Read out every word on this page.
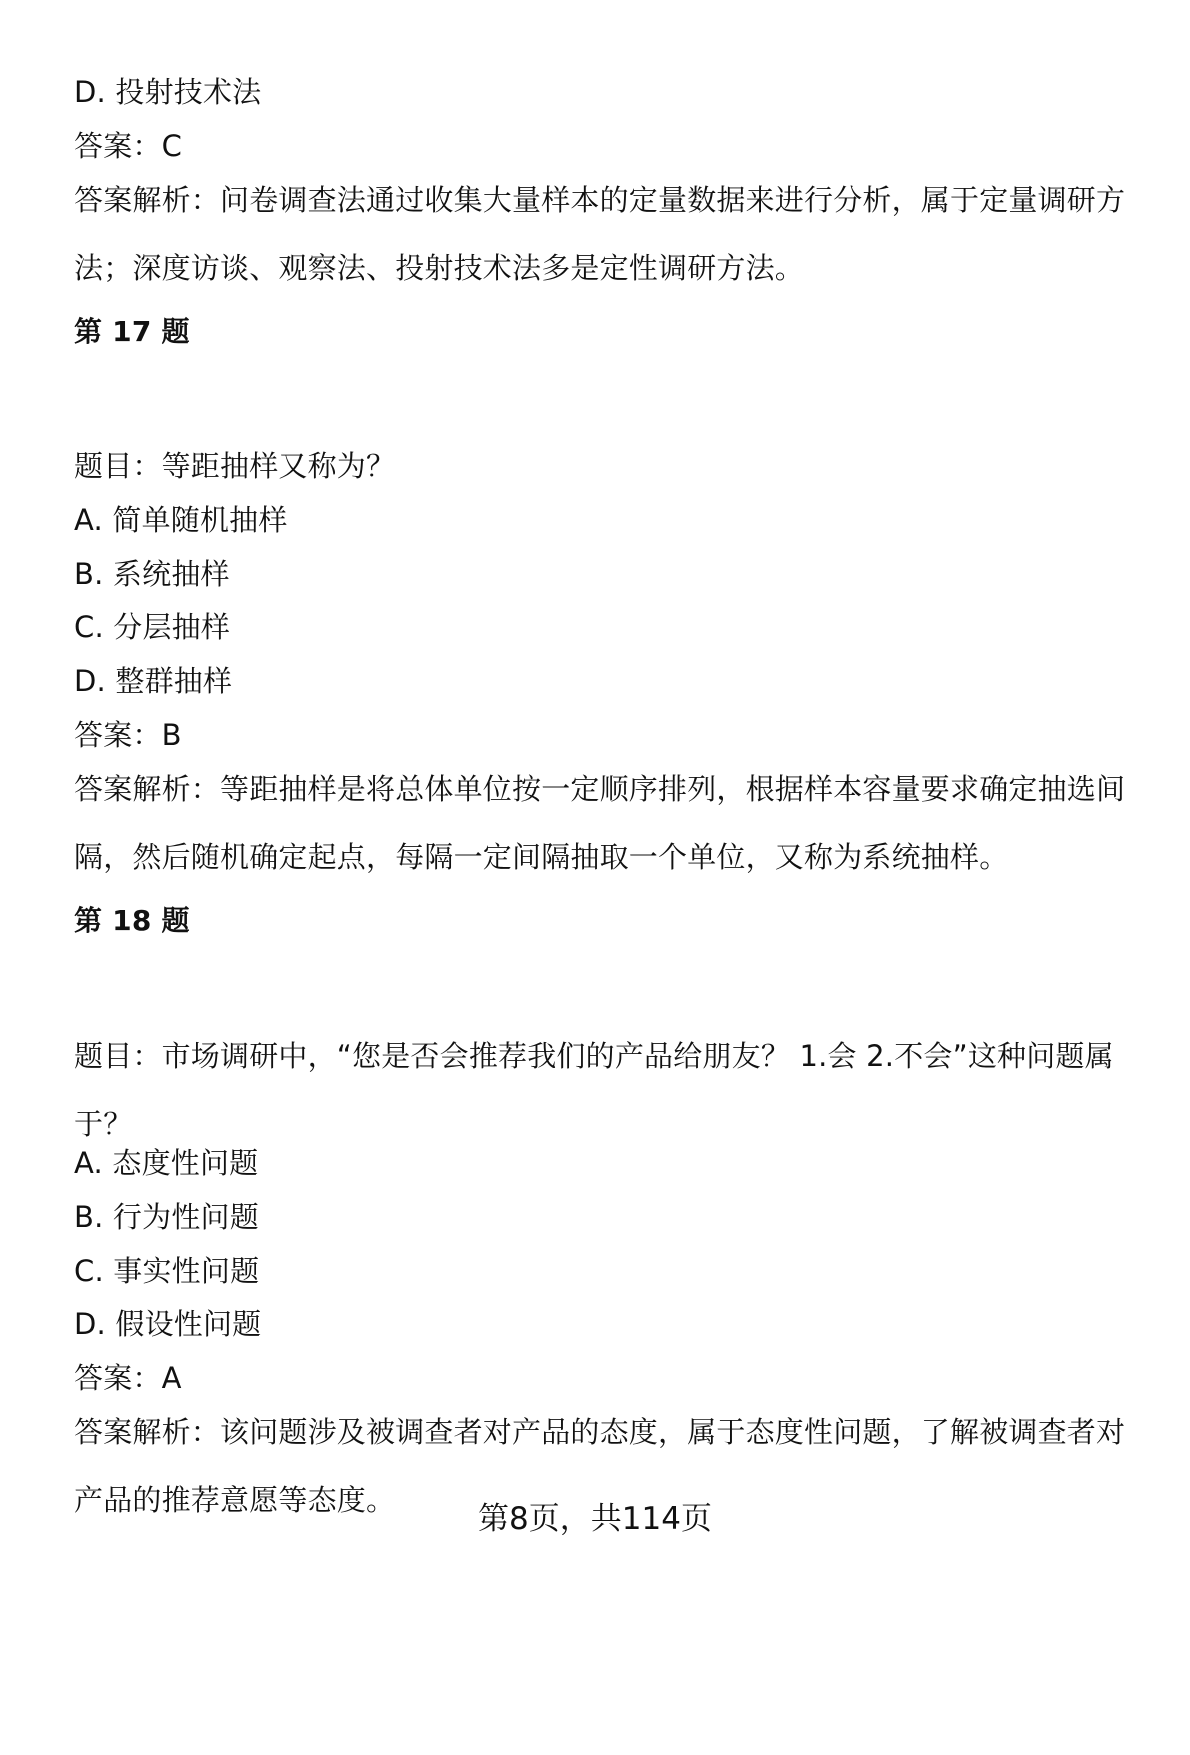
D. 投射技术法
答案：C
答案解析：问卷调查法通过收集大量样本的定量数据来进行分析，属于定量调研方法；深度访谈、观察法、投射技术法多是定性调研方法。
第 17 题
题目：等距抽样又称为？
A. 简单随机抽样
B. 系统抽样
C. 分层抽样
D. 整群抽样
答案：B
答案解析：等距抽样是将总体单位按一定顺序排列，根据样本容量要求确定抽选间隔，然后随机确定起点，每隔一定间隔抽取一个单位，又称为系统抽样。
第 18 题
题目：市场调研中，“您是否会推荐我们的产品给朋友？ 1.会 2.不会”这种问题属于？
A. 态度性问题
B. 行为性问题
C. 事实性问题
D. 假设性问题
答案：A
答案解析：该问题涉及被调查者对产品的态度，属于态度性问题，了解被调查者对产品的推荐意愿等态度。
第8页，共114页
